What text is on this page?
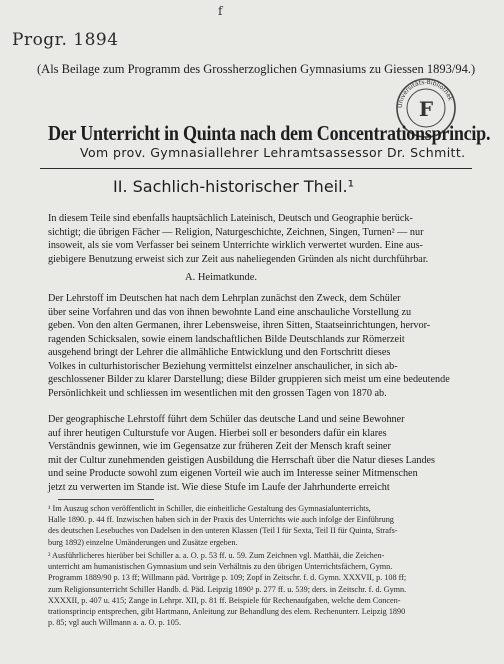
f
Progr. 1894
(Als Beilage zum Programm des Grossherzoglichen Gymnasiums zu Giessen 1893/94.)
Universitäts-Bibliothek
F
Der Unterricht in Quinta nach dem Concentrationsprincip.
Vom prov. Gymnasiallehrer Lehramtsassessor Dr. Schmitt.
II. Sachlich-historischer Theil.¹
In diesem Teile sind ebenfalls hauptsächlich Lateinisch, Deutsch und Geographie berück-
sichtigt; die übrigen Fächer — Religion, Naturgeschichte, Zeichnen, Singen, Turnen² — nur
insoweit, als sie vom Verfasser bei seinem Unterrichte wirklich verwertet wurden. Eine aus-
giebigere Benutzung erweist sich zur Zeit aus naheliegenden Gründen als nicht durchführbar.
A. Heimatkunde.
Der Lehrstoff im Deutschen hat nach dem Lehrplan zunächst den Zweck, dem Schüler
über seine Vorfahren und das von ihnen bewohnte Land eine anschauliche Vorstellung zu
geben. Von den alten Germanen, ihrer Lebensweise, ihren Sitten, Staatseinrichtungen, hervor-
ragenden Schicksalen, sowie einem landschaftlichen Bilde Deutschlands zur Römerzeit
ausgehend bringt der Lehrer die allmähliche Entwicklung und den Fortschritt dieses
Volkes in culturhistorischer Beziehung vermittelst einzelner anschaulicher, in sich ab-
geschlossener Bilder zu klarer Darstellung; diese Bilder gruppieren sich meist um eine bedeutende
Persönlichkeit und schliessen im wesentlichen mit den grossen Tagen von 1870 ab.
Der geographische Lehrstoff führt dem Schüler das deutsche Land und seine Bewohner
auf ihrer heutigen Culturstufe vor Augen. Hierbei soll er besonders dafür ein klares
Verständnis gewinnen, wie im Gegensatze zur früheren Zeit der Mensch kraft seiner
mit der Cultur zunehmenden geistigen Ausbildung die Herrschaft über die Natur dieses Landes
und seine Producte sowohl zum eigenen Vorteil wie auch im Interesse seiner Mitmenschen
jetzt zu verwerten im Stande ist. Wie diese Stufe im Laufe der Jahrhunderte erreicht
¹ Im Auszug schon veröffentlicht in Schiller, die einheitliche Gestaltung des Gymnasialunterrichts,
Halle 1890. p. 44 ff. Inzwischen haben sich in der Praxis des Unterrichts wie auch infolge der Einführung
des deutschen Lesebuches von Dadelsen in den unteren Klassen (Teil I für Sexta, Teil II für Quinta, Strafs-
burg 1892) einzelne Umänderungen und Zusätze ergeben.
² Ausführlicheres hierüber bei Schiller a. a. O. p. 53 ff. u. 59. Zum Zeichnen vgl. Matthäi, die Zeichen-
unterricht am humanistischen Gymnasium und sein Verhältnis zu den übrigen Unterrichtsfächern, Gymn.
Programm 1889/90 p. 13 ff; Willmann päd. Vorträge p. 109; Zopf in Zeitschr. f. d. Gymn. XXXVII, p. 108 ff;
zum Religionsunterricht Schiller Handb. d. Päd. Leipzig 1890² p. 277 ff. u. 539; ders. in Zeitschr. f. d. Gymn.
XXXXII, p. 407 u. 415; Zange in Lehrpr. XII, p. 81 ff. Beispiele für Rechenaufgaben, welche dem Concen-
trationsprincip entsprechen, gibt Hartmann, Anleitung zur Behandlung des elem. Rechenunterr. Leipzig 1890
p. 85; vgl auch Willmann a. a. O. p. 105.
